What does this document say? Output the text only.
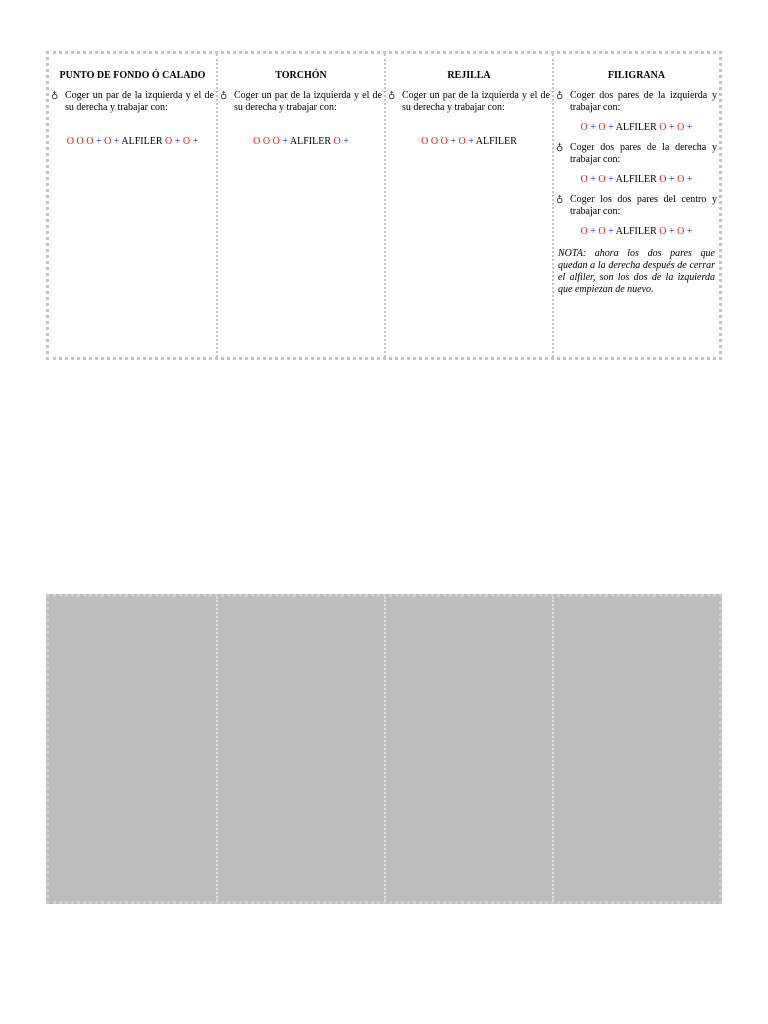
PUNTO DE FONDO Ó CALADO
♁ Coger un par de la izquierda y el de su derecha y trabajar con:
O O O + O + ALFILER O + O +
TORCHÓN
♁ Coger un par de la izquierda y el de su derecha y trabajar con:
O O O + ALFILER O +
REJILLA
♁ Coger un par de la izquierda y el de su derecha y trabajar con:
O O O + O + ALFILER
FILIGRANA
♁ Coger dos pares de la izquierda y trabajar con:
O + O + ALFILER O + O +
♁ Coger dos pares de la derecha y trabajar con:
O + O + ALFILER O + O +
♁ Coger los dos pares del centro y trabajar con:
O + O + ALFILER O + O +
NOTA: ahora los dos pares que quedan a la derecha después de cerrar el alfiler, son los dos de la izquierda que empiezan de nuevo.
